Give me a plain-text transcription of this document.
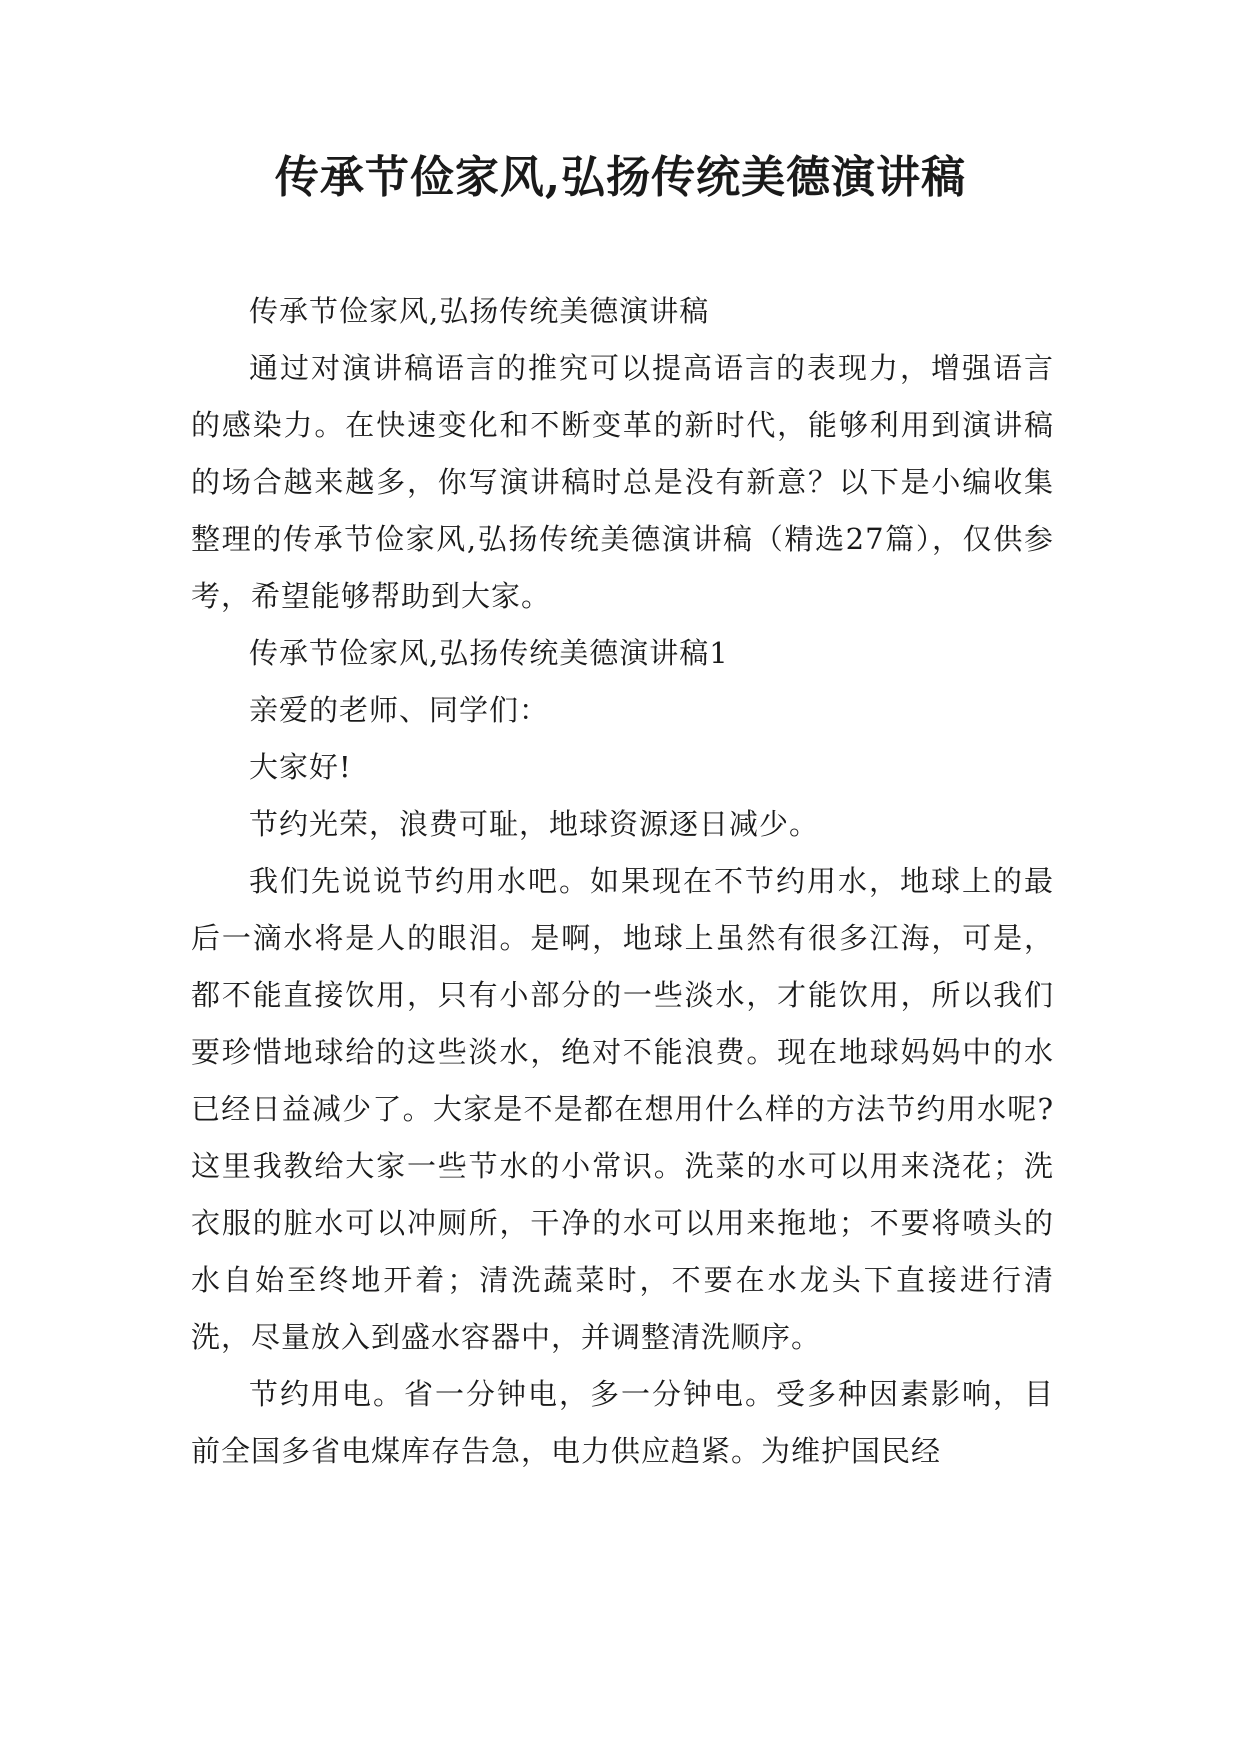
传承节俭家风,弘扬传统美德演讲稿

传承节俭家风,弘扬传统美德演讲稿

通过对演讲稿语言的推究可以提高语言的表现力，增强语言的感染力。在快速变化和不断变革的新时代，能够利用到演讲稿的场合越来越多，你写演讲稿时总是没有新意？以下是小编收集整理的传承节俭家风,弘扬传统美德演讲稿（精选27篇），仅供参考，希望能够帮助到大家。

传承节俭家风,弘扬传统美德演讲稿1

亲爱的老师、同学们：

大家好!

节约光荣，浪费可耻，地球资源逐日减少。

我们先说说节约用水吧。如果现在不节约用水，地球上的最后一滴水将是人的眼泪。是啊，地球上虽然有很多江海，可是，都不能直接饮用，只有小部分的一些淡水，才能饮用，所以我们要珍惜地球给的这些淡水，绝对不能浪费。现在地球妈妈中的水已经日益减少了。大家是不是都在想用什么样的方法节约用水呢?这里我教给大家一些节水的小常识。洗菜的水可以用来浇花；洗衣服的脏水可以冲厕所，干净的水可以用来拖地；不要将喷头的水自始至终地开着；清洗蔬菜时，不要在水龙头下直接进行清洗，尽量放入到盛水容器中，并调整清洗顺序。

节约用电。省一分钟电，多一分钟电。受多种因素影响，目前全国多省电煤库存告急，电力供应趋紧。为维护国民经
